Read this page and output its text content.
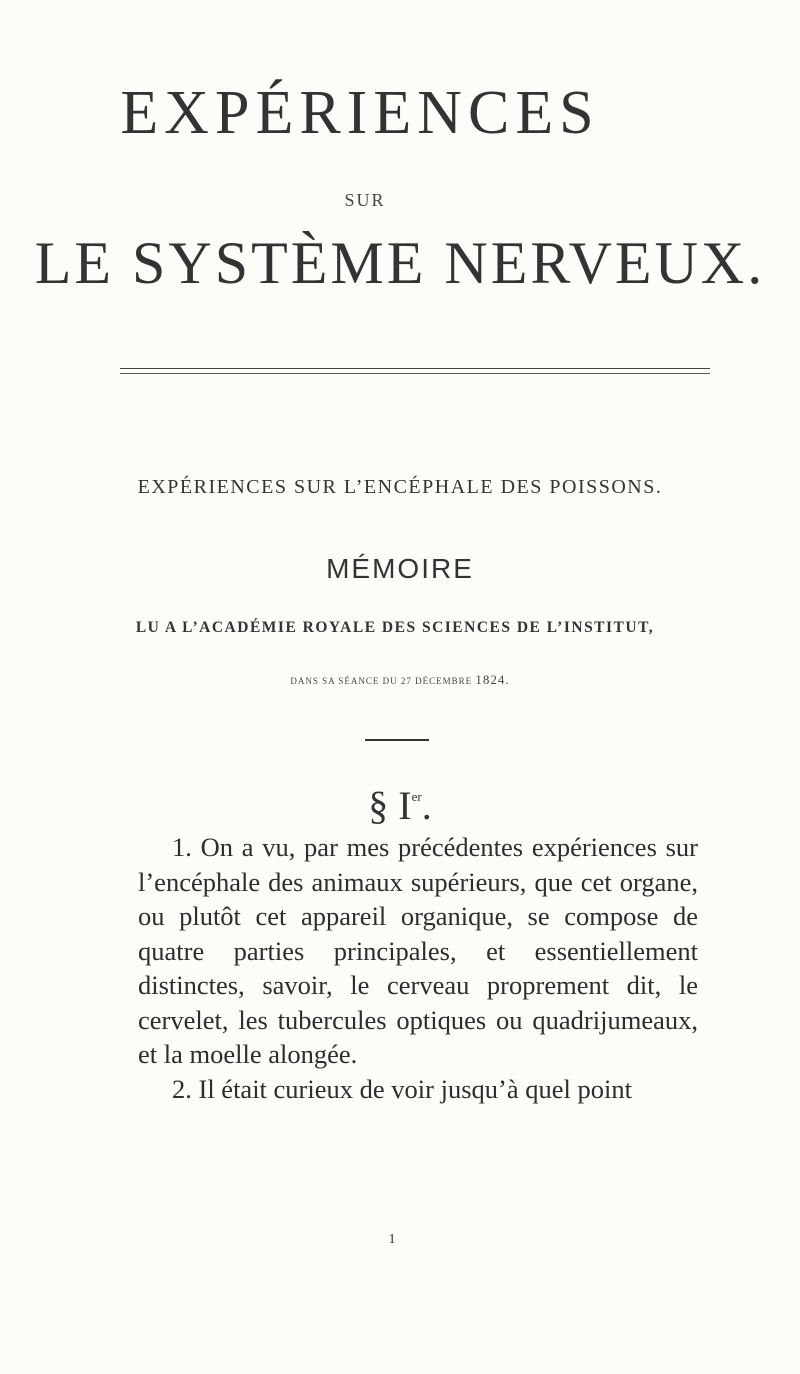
EXPÉRIENCES
SUR
LE SYSTÈME NERVEUX.
EXPÉRIENCES SUR L’ENCÉPHALE DES POISSONS.
MÉMOIRE
LU A L’ACADÉMIE ROYALE DES SCIENCES DE L’INSTITUT,
DANS SA SÉANCE DU 27 DÉCEMBRE 1824.
§ Ier.

1. On a vu, par mes précédentes expériences sur l’encéphale des animaux supérieurs, que cet organe, ou plutôt cet appareil organique, se compose de quatre parties principales, et essentiellement distinctes, savoir, le cerveau proprement dit, le cervelet, les tubercules optiques ou quadrijumeaux, et la moelle alongée.

2. Il était curieux de voir jusqu’à quel point

1
